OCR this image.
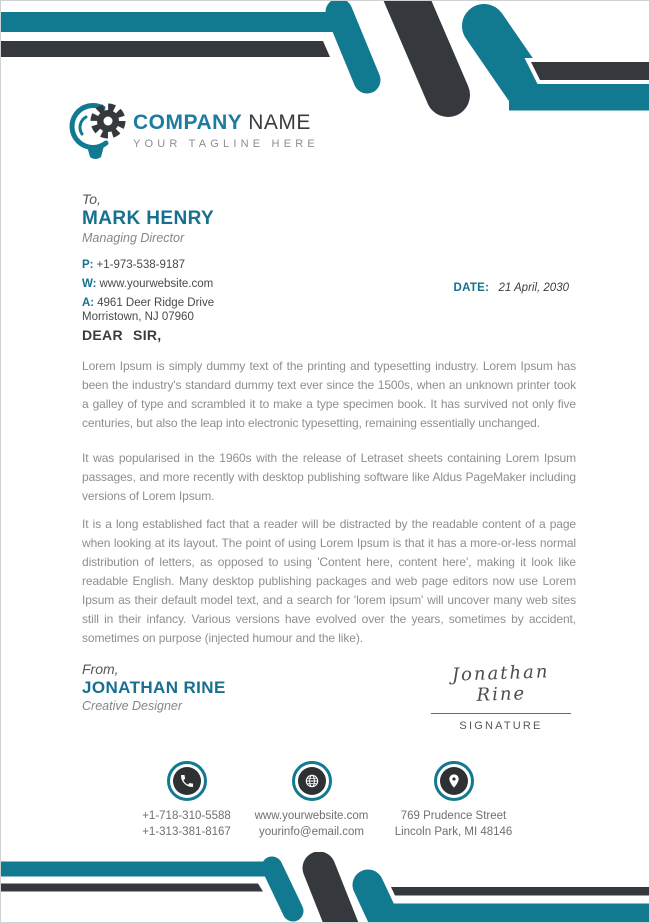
COMPANY NAME
YOUR TAGLINE HERE
To,
MARK HENRY
Managing Director
P: +1-973-538-9187
W: www.yourwebsite.com
A: 4961 Deer Ridge Drive
Morristown, NJ 07960
DATE: 21 April, 2030
DEAR SIR,

Lorem Ipsum is simply dummy text of the printing and typesetting industry. Lorem Ipsum has been the industry's standard dummy text ever since the 1500s, when an unknown printer took a galley of type and scrambled it to make a type specimen book. It has survived not only five centuries, but also the leap into electronic typesetting, remaining essentially unchanged.

It was popularised in the 1960s with the release of Letraset sheets containing Lorem Ipsum passages, and more recently with desktop publishing software like Aldus PageMaker including versions of Lorem Ipsum.

It is a long established fact that a reader will be distracted by the readable content of a page when looking at its layout. The point of using Lorem Ipsum is that it has a more-or-less normal distribution of letters, as opposed to using 'Content here, content here', making it look like readable English. Many desktop publishing packages and web page editors now use Lorem Ipsum as their default model text, and a search for 'lorem ipsum' will uncover many web sites still in their infancy. Various versions have evolved over the years, sometimes by accident, sometimes on purpose (injected humour and the like).

From,
JONATHAN RINE
Creative Designer
Jonathan Rine
SIGNATURE
+1-718-310-5588
+1-313-381-8167
www.yourwebsite.com
yourinfo@email.com
769 Prudence Street
Lincoln Park, MI 48146
